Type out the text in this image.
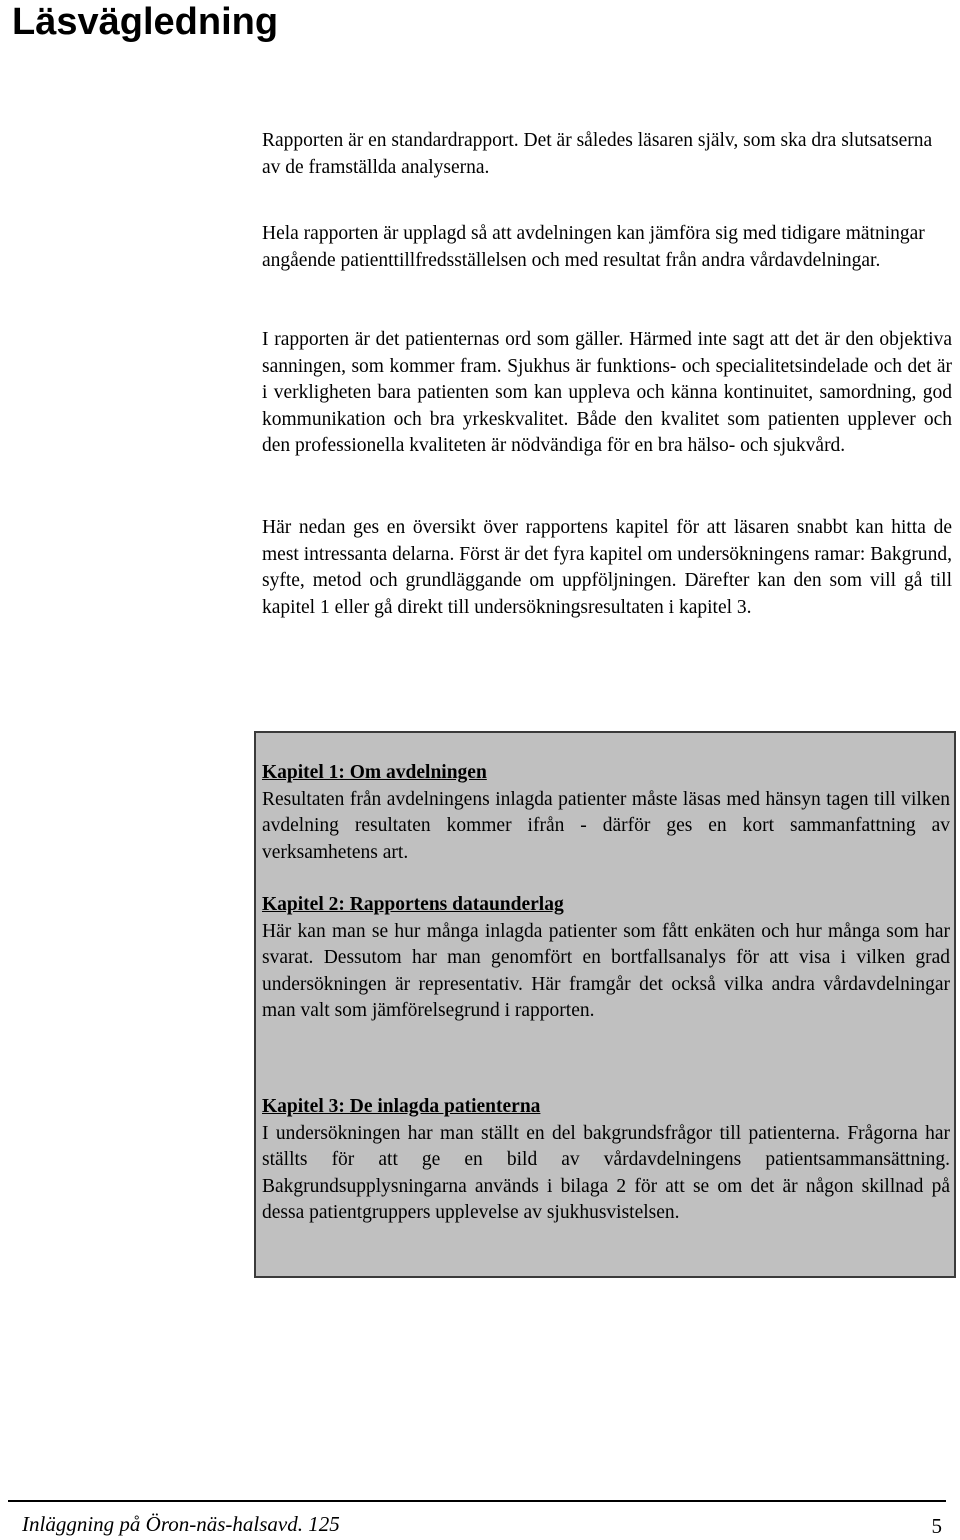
Läsvägledning

Rapporten är en standardrapport. Det är således läsaren själv, som ska dra slutsatserna av de framställda analyserna.

Hela rapporten är upplagd så att avdelningen kan jämföra sig med tidigare mätningar angående patienttillfredsställelsen och med resultat från andra vårdavdelningar.

I rapporten är det patienternas ord som gäller. Härmed inte sagt att det är den objektiva sanningen, som kommer fram. Sjukhus är funktions- och specialitetsindelade och det är i verkligheten bara patienten som kan uppleva och känna kontinuitet, samordning, god kommunikation och bra yrkeskvalitet. Både den kvalitet som patienten upplever och den professionella kvaliteten är nödvändiga för en bra hälso- och sjukvård.

Här nedan ges en översikt över rapportens kapitel för att läsaren snabbt kan hitta de mest intressanta delarna. Först är det fyra kapitel om undersökningens ramar: Bakgrund, syfte, metod och grundläggande om uppföljningen. Därefter kan den som vill gå till kapitel 1 eller gå direkt till undersökningsresultaten i kapitel 3.

Kapitel 1: Om avdelningen
Resultaten från avdelningens inlagda patienter måste läsas med hänsyn tagen till vilken avdelning resultaten kommer ifrån - därför ges en kort sammanfattning av verksamhetens art.
Kapitel 2: Rapportens dataunderlag
Här kan man se hur många inlagda patienter som fått enkäten och hur många som har svarat. Dessutom har man genomfört en bortfallsanalys för att visa i vilken grad undersökningen är representativ. Här framgår det också vilka andra vårdavdelningar man valt som jämförelsegrund i rapporten.
Kapitel 3: De inlagda patienterna
I undersökningen har man ställt en del bakgrundsfrågor till patienterna. Frågorna har ställts för att ge en bild av vårdavdelningens patientsammansättning. Bakgrundsupplysningarna används i bilaga 2 för att se om det är någon skillnad på dessa patientgruppers upplevelse av sjukhusvistelsen.
Inläggning på Öron-näs-halsavd. 125	5
